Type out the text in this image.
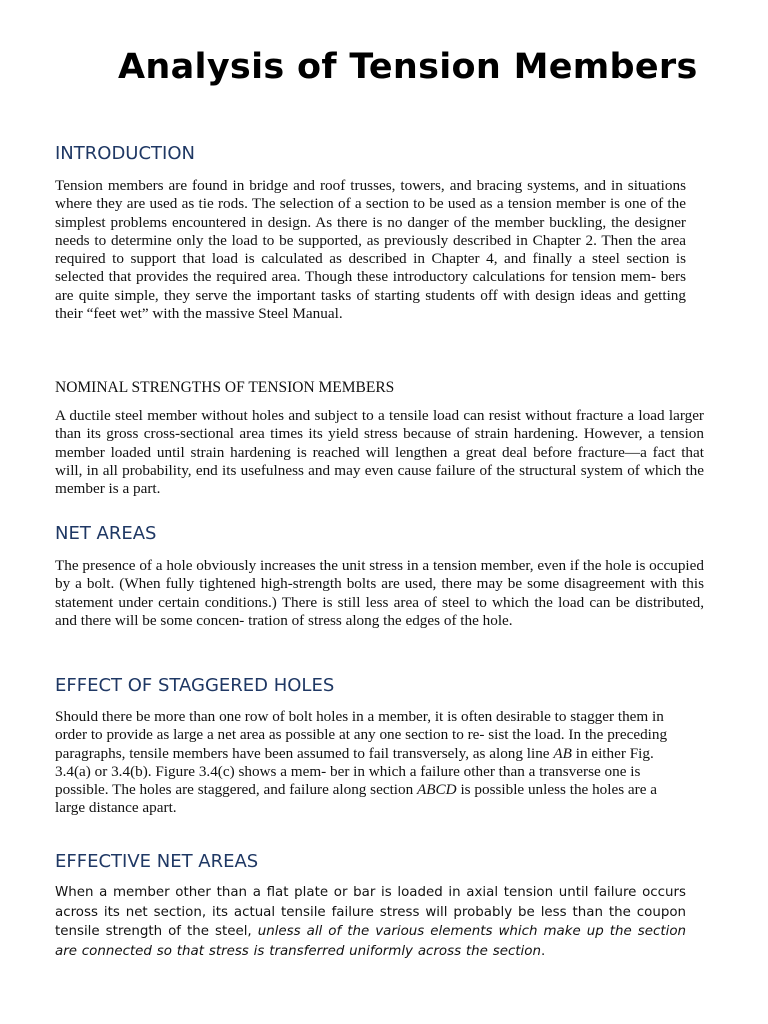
Analysis of Tension Members
INTRODUCTION

Tension members are found in bridge and roof trusses, towers, and bracing systems, and in situations where they are used as tie rods. The selection of a section to be used as a tension member is one of the simplest problems encountered in design. As there is no danger of the member buckling, the designer needs to determine only the load to be supported, as previously described in Chapter 2. Then the area required to support that load is calculated as described in Chapter 4, and finally a steel section is selected that provides the required area. Though these introductory calculations for tension mem- bers are quite simple, they serve the important tasks of starting students off with design ideas and getting their “feet wet” with the massive Steel Manual.

NOMINAL STRENGTHS OF TENSION MEMBERS

A ductile steel member without holes and subject to a tensile load can resist without fracture a load larger than its gross cross-sectional area times its yield stress because of strain hardening. However, a tension member loaded until strain hardening is reached will lengthen a great deal before fracture—a fact that will, in all probability, end its usefulness and may even cause failure of the structural system of which the member is a part.

NET AREAS

The presence of a hole obviously increases the unit stress in a tension member, even if the hole is occupied by a bolt. (When fully tightened high-strength bolts are used, there may be some disagreement with this statement under certain conditions.) There is still less area of steel to which the load can be distributed, and there will be some concen- tration of stress along the edges of the hole.

EFFECT OF STAGGERED HOLES

Should there be more than one row of bolt holes in a member, it is often desirable to stagger them in order to provide as large a net area as possible at any one section to re- sist the load. In the preceding paragraphs, tensile members have been assumed to fail transversely, as along line AB in either Fig. 3.4(a) or 3.4(b). Figure 3.4(c) shows a mem- ber in which a failure other than a transverse one is possible. The holes are staggered, and failure along section ABCD is possible unless the holes are a large distance apart.

EFFECTIVE NET AREAS

When a member other than a flat plate or bar is loaded in axial tension until failure occurs across its net section, its actual tensile failure stress will probably be less than the coupon tensile strength of the steel, unless all of the various elements which make up the section are connected so that stress is transferred uniformly across the section.
